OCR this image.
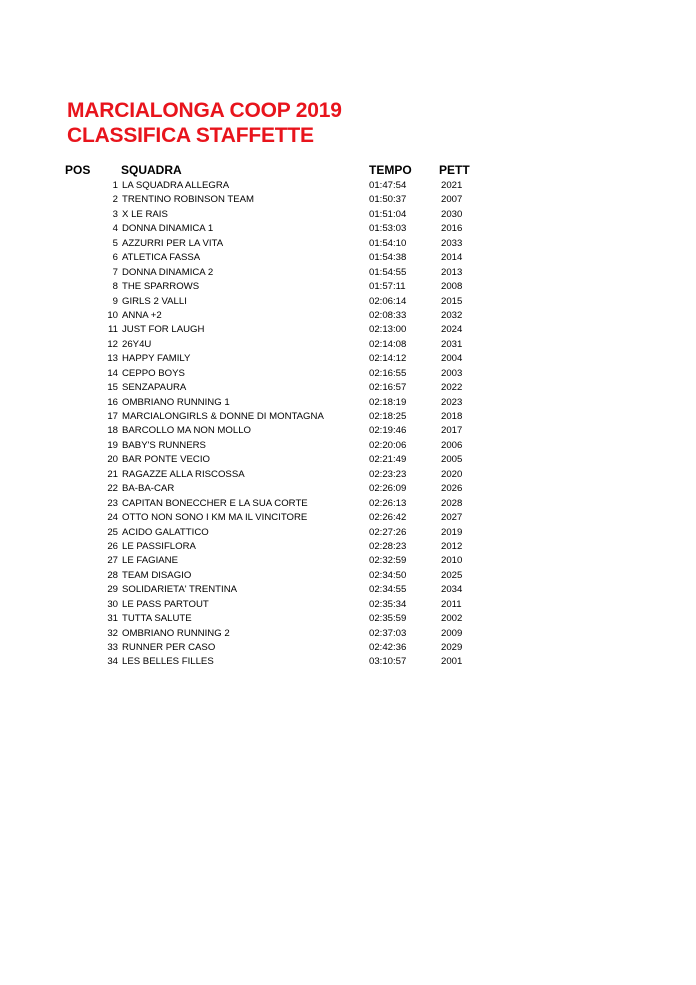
MARCIALONGA COOP 2019
CLASSIFICA STAFFETTE
POS	SQUADRA	TEMPO PETT
1 LA SQUADRA ALLEGRA	01:47:54	2021
2 TRENTINO ROBINSON TEAM	01:50:37	2007
3 X LE RAIS	01:51:04	2030
4 DONNA DINAMICA 1	01:53:03	2016
5 AZZURRI PER LA VITA	01:54:10	2033
6 ATLETICA FASSA	01:54:38	2014
7 DONNA DINAMICA 2	01:54:55	2013
8 THE SPARROWS	01:57:11	2008
9 GIRLS 2 VALLI	02:06:14	2015
10 ANNA +2	02:08:33	2032
11 JUST FOR LAUGH	02:13:00	2024
12 26Y4U	02:14:08	2031
13 HAPPY FAMILY	02:14:12	2004
14 CEPPO BOYS	02:16:55	2003
15 SENZAPAURA	02:16:57	2022
16 OMBRIANO RUNNING 1	02:18:19	2023
17 MARCIALONGIRLS & DONNE DI MONTAGNA	02:18:25	2018
18 BARCOLLO MA NON MOLLO	02:19:46	2017
19 BABY'S RUNNERS	02:20:06	2006
20 BAR PONTE VECIO	02:21:49	2005
21 RAGAZZE ALLA RISCOSSA	02:23:23	2020
22 BA-BA-CAR	02:26:09	2026
23 CAPITAN BONECCHER E LA SUA CORTE	02:26:13	2028
24 OTTO NON SONO I KM MA IL VINCITORE	02:26:42	2027
25 ACIDO GALATTICO	02:27:26	2019
26 LE PASSIFLORA	02:28:23	2012
27 LE FAGIANE	02:32:59	2010
28 TEAM DISAGIO	02:34:50	2025
29 SOLIDARIETA' TRENTINA	02:34:55	2034
30 LE PASS PARTOUT	02:35:34	2011
31 TUTTA SALUTE	02:35:59	2002
32 OMBRIANO RUNNING 2	02:37:03	2009
33 RUNNER PER CASO	02:42:36	2029
34 LES BELLES FILLES	03:10:57	2001
